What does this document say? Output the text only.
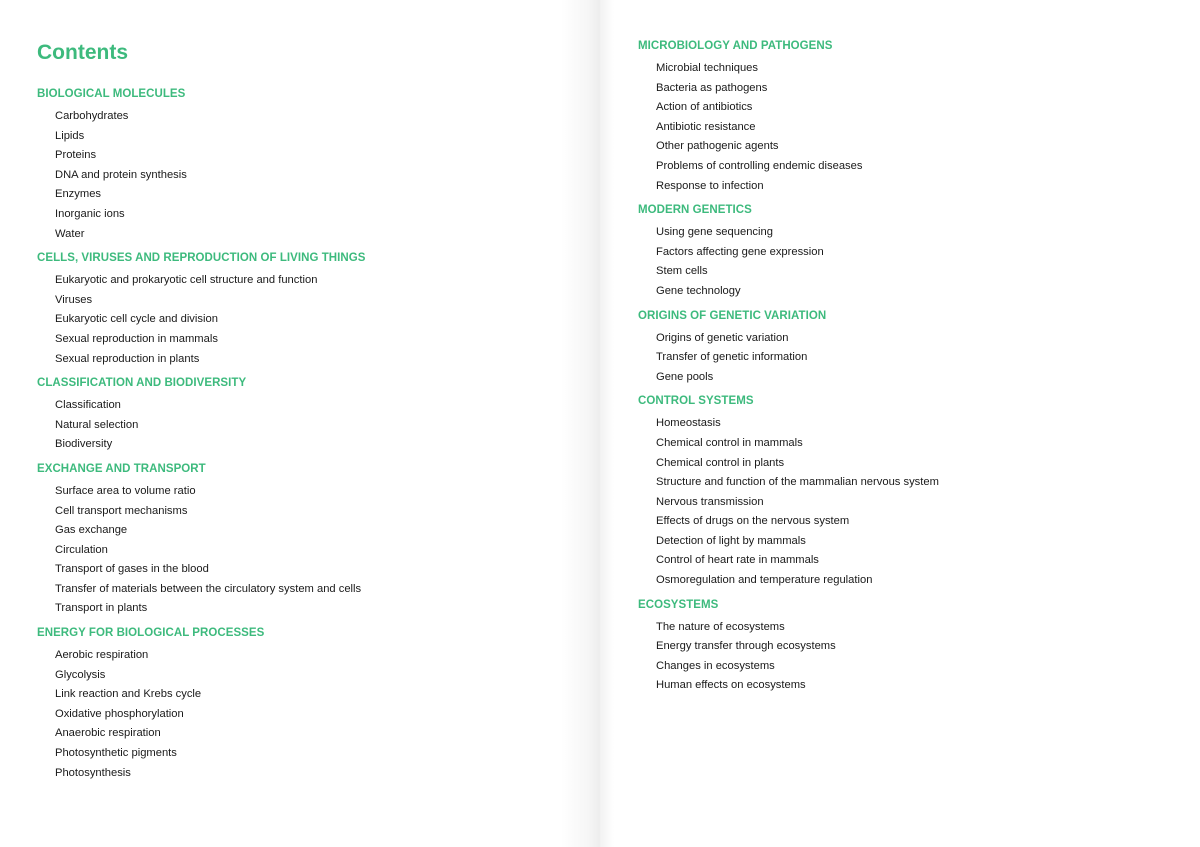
Contents
BIOLOGICAL MOLECULES
Carbohydrates
Lipids
Proteins
DNA and protein synthesis
Enzymes
Inorganic ions
Water
CELLS, VIRUSES AND REPRODUCTION OF LIVING THINGS
Eukaryotic and prokaryotic cell structure and function
Viruses
Eukaryotic cell cycle and division
Sexual reproduction in mammals
Sexual reproduction in plants
CLASSIFICATION AND BIODIVERSITY
Classification
Natural selection
Biodiversity
EXCHANGE AND TRANSPORT
Surface area to volume ratio
Cell transport mechanisms
Gas exchange
Circulation
Transport of gases in the blood
Transfer of materials between the circulatory system and cells
Transport in plants
ENERGY FOR BIOLOGICAL PROCESSES
Aerobic respiration
Glycolysis
Link reaction and Krebs cycle
Oxidative phosphorylation
Anaerobic respiration
Photosynthetic pigments
Photosynthesis
MICROBIOLOGY AND PATHOGENS
Microbial techniques
Bacteria as pathogens
Action of antibiotics
Antibiotic resistance
Other pathogenic agents
Problems of controlling endemic diseases
Response to infection
MODERN GENETICS
Using gene sequencing
Factors affecting gene expression
Stem cells
Gene technology
ORIGINS OF GENETIC VARIATION
Origins of genetic variation
Transfer of genetic information
Gene pools
CONTROL SYSTEMS
Homeostasis
Chemical control in mammals
Chemical control in plants
Structure and function of the mammalian nervous system
Nervous transmission
Effects of drugs on the nervous system
Detection of light by mammals
Control of heart rate in mammals
Osmoregulation and temperature regulation
ECOSYSTEMS
The nature of ecosystems
Energy transfer through ecosystems
Changes in ecosystems
Human effects on ecosystems
